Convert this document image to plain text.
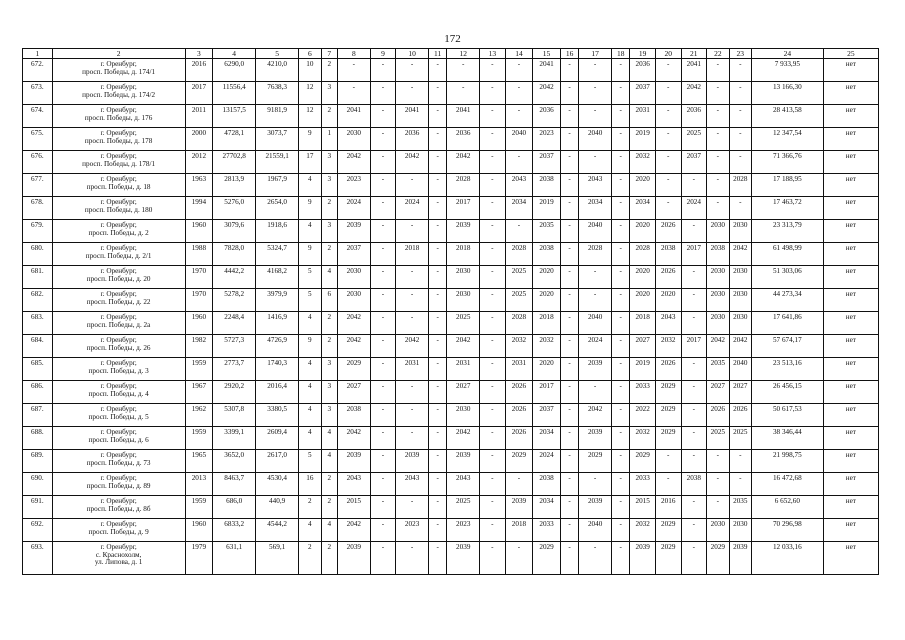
172
1	2	3	4	5	6	7	8	9	10	11	12	13	14	15	16	17	18	19	20	21	22	23	24	25
672.	г. Оренбург,
просп. Победы, д. 174/1	2016	6290,0	4210,0	10	2	-	-	-	-	-	-	-	2041	-	-	-	2036	-	2041	-	-	7 933,95	нет
673.	г. Оренбург,
просп. Победы, д. 174/2	2017	11556,4	7638,3	12	3	-	-	-	-	-	-	-	2042	-	-	-	2037	-	2042	-	-	13 166,30	нет
674.	г. Оренбург,
просп. Победы, д. 176	2011	13157,5	9181,9	12	2	2041	-	2041	-	2041	-	-	2036	-	-	-	2031	-	2036	-	-	28 413,58	нет
675.	г. Оренбург,
просп. Победы, д. 178	2000	4728,1	3073,7	9	1	2030	-	2036	-	2036	-	2040	2023	-	2040	-	2019	-	2025	-	-	12 347,54	нет
676.	г. Оренбург,
просп. Победы, д. 178/1	2012	27702,8	21559,1	17	3	2042	-	2042	-	2042	-	-	2037	-	-	-	2032	-	2037	-	-	71 366,76	нет
677.	г. Оренбург,
просп. Победы, д. 18	1963	2813,9	1967,9	4	3	2023	-	-	-	2028	-	2043	2038	-	2043	-	2020	-	-	-	2028	17 188,95	нет
678.	г. Оренбург,
просп. Победы, д. 180	1994	5276,0	2654,0	9	2	2024	-	2024	-	2017	-	2034	2019	-	2034	-	2034	-	2024	-	-	17 463,72	нет
679.	г. Оренбург,
просп. Победы, д. 2	1960	3079,6	1918,6	4	3	2039	-	-	-	2039	-	-	2035	-	2040	-	2020	2026	-	2030	2030	23 313,79	нет
680.	г. Оренбург,
просп. Победы, д. 2/1	1988	7828,0	5324,7	9	2	2037	-	2018	-	2018	-	2028	2038	-	2028	-	2028	2038	2017	2038	2042	61 498,99	нет
681.	г. Оренбург,
просп. Победы, д. 20	1970	4442,2	4168,2	5	4	2030	-	-	-	2030	-	2025	2020	-	-	-	2020	2026	-	2030	2030	51 303,06	нет
682.	г. Оренбург,
просп. Победы, д. 22	1970	5278,2	3979,9	5	6	2030	-	-	-	2030	-	2025	2020	-	-	-	2020	2020	-	2030	2030	44 273,34	нет
683.	г. Оренбург,
просп. Победы, д. 2а	1960	2248,4	1416,9	4	2	2042	-	-	-	2025	-	2028	2018	-	2040	-	2018	2043	-	2030	2030	17 641,86	нет
684.	г. Оренбург,
просп. Победы, д. 26	1982	5727,3	4726,9	9	2	2042	-	2042	-	2042	-	2032	2032	-	2024	-	2027	2032	2017	2042	2042	57 674,17	нет
685.	г. Оренбург,
просп. Победы, д. 3	1959	2773,7	1740,3	4	3	2029	-	2031	-	2031	-	2031	2020	-	2039	-	2019	2026	-	2035	2040	23 513,16	нет
686.	г. Оренбург,
просп. Победы, д. 4	1967	2920,2	2016,4	4	3	2027	-	-	-	2027	-	2026	2017	-	-	-	2033	2029	-	2027	2027	26 456,15	нет
687.	г. Оренбург,
просп. Победы, д. 5	1962	5307,8	3380,5	4	3	2038	-	-	-	2030	-	2026	2037	-	2042	-	2022	2029	-	2026	2026	50 617,53	нет
688.	г. Оренбург,
просп. Победы, д. 6	1959	3399,1	2609,4	4	4	2042	-	-	-	2042	-	2026	2034	-	2039	-	2032	2029	-	2025	2025	38 346,44	нет
689.	г. Оренбург,
просп. Победы, д. 73	1965	3652,0	2617,0	5	4	2039	-	2039	-	2039	-	2029	2024	-	2029	-	2029	-	-	-	-	21 998,75	нет
690.	г. Оренбург,
просп. Победы, д. 89	2013	8463,7	4530,4	16	2	2043	-	2043	-	2043	-	-	2038	-	-	-	2033	-	2038	-	-	16 472,68	нет
691.	г. Оренбург,
просп. Победы, д. 8б	1959	686,0	440,9	2	2	2015	-	-	-	2025	-	2039	2034	-	2039	-	2015	2016	-	-	2035	6 652,60	нет
692.	г. Оренбург,
просп. Победы, д. 9	1960	6833,2	4544,2	4	4	2042	-	2023	-	2023	-	2018	2033	-	2040	-	2032	2029	-	2030	2030	70 296,98	нет
693.	г. Оренбург,
с. Краснохолм,
ул. Липова, д. 1	1979	631,1	569,1	2	2	2039	-	-	-	2039	-	-	2029	-	-	-	2039	2029	-	2029	2039	12 033,16	нет
